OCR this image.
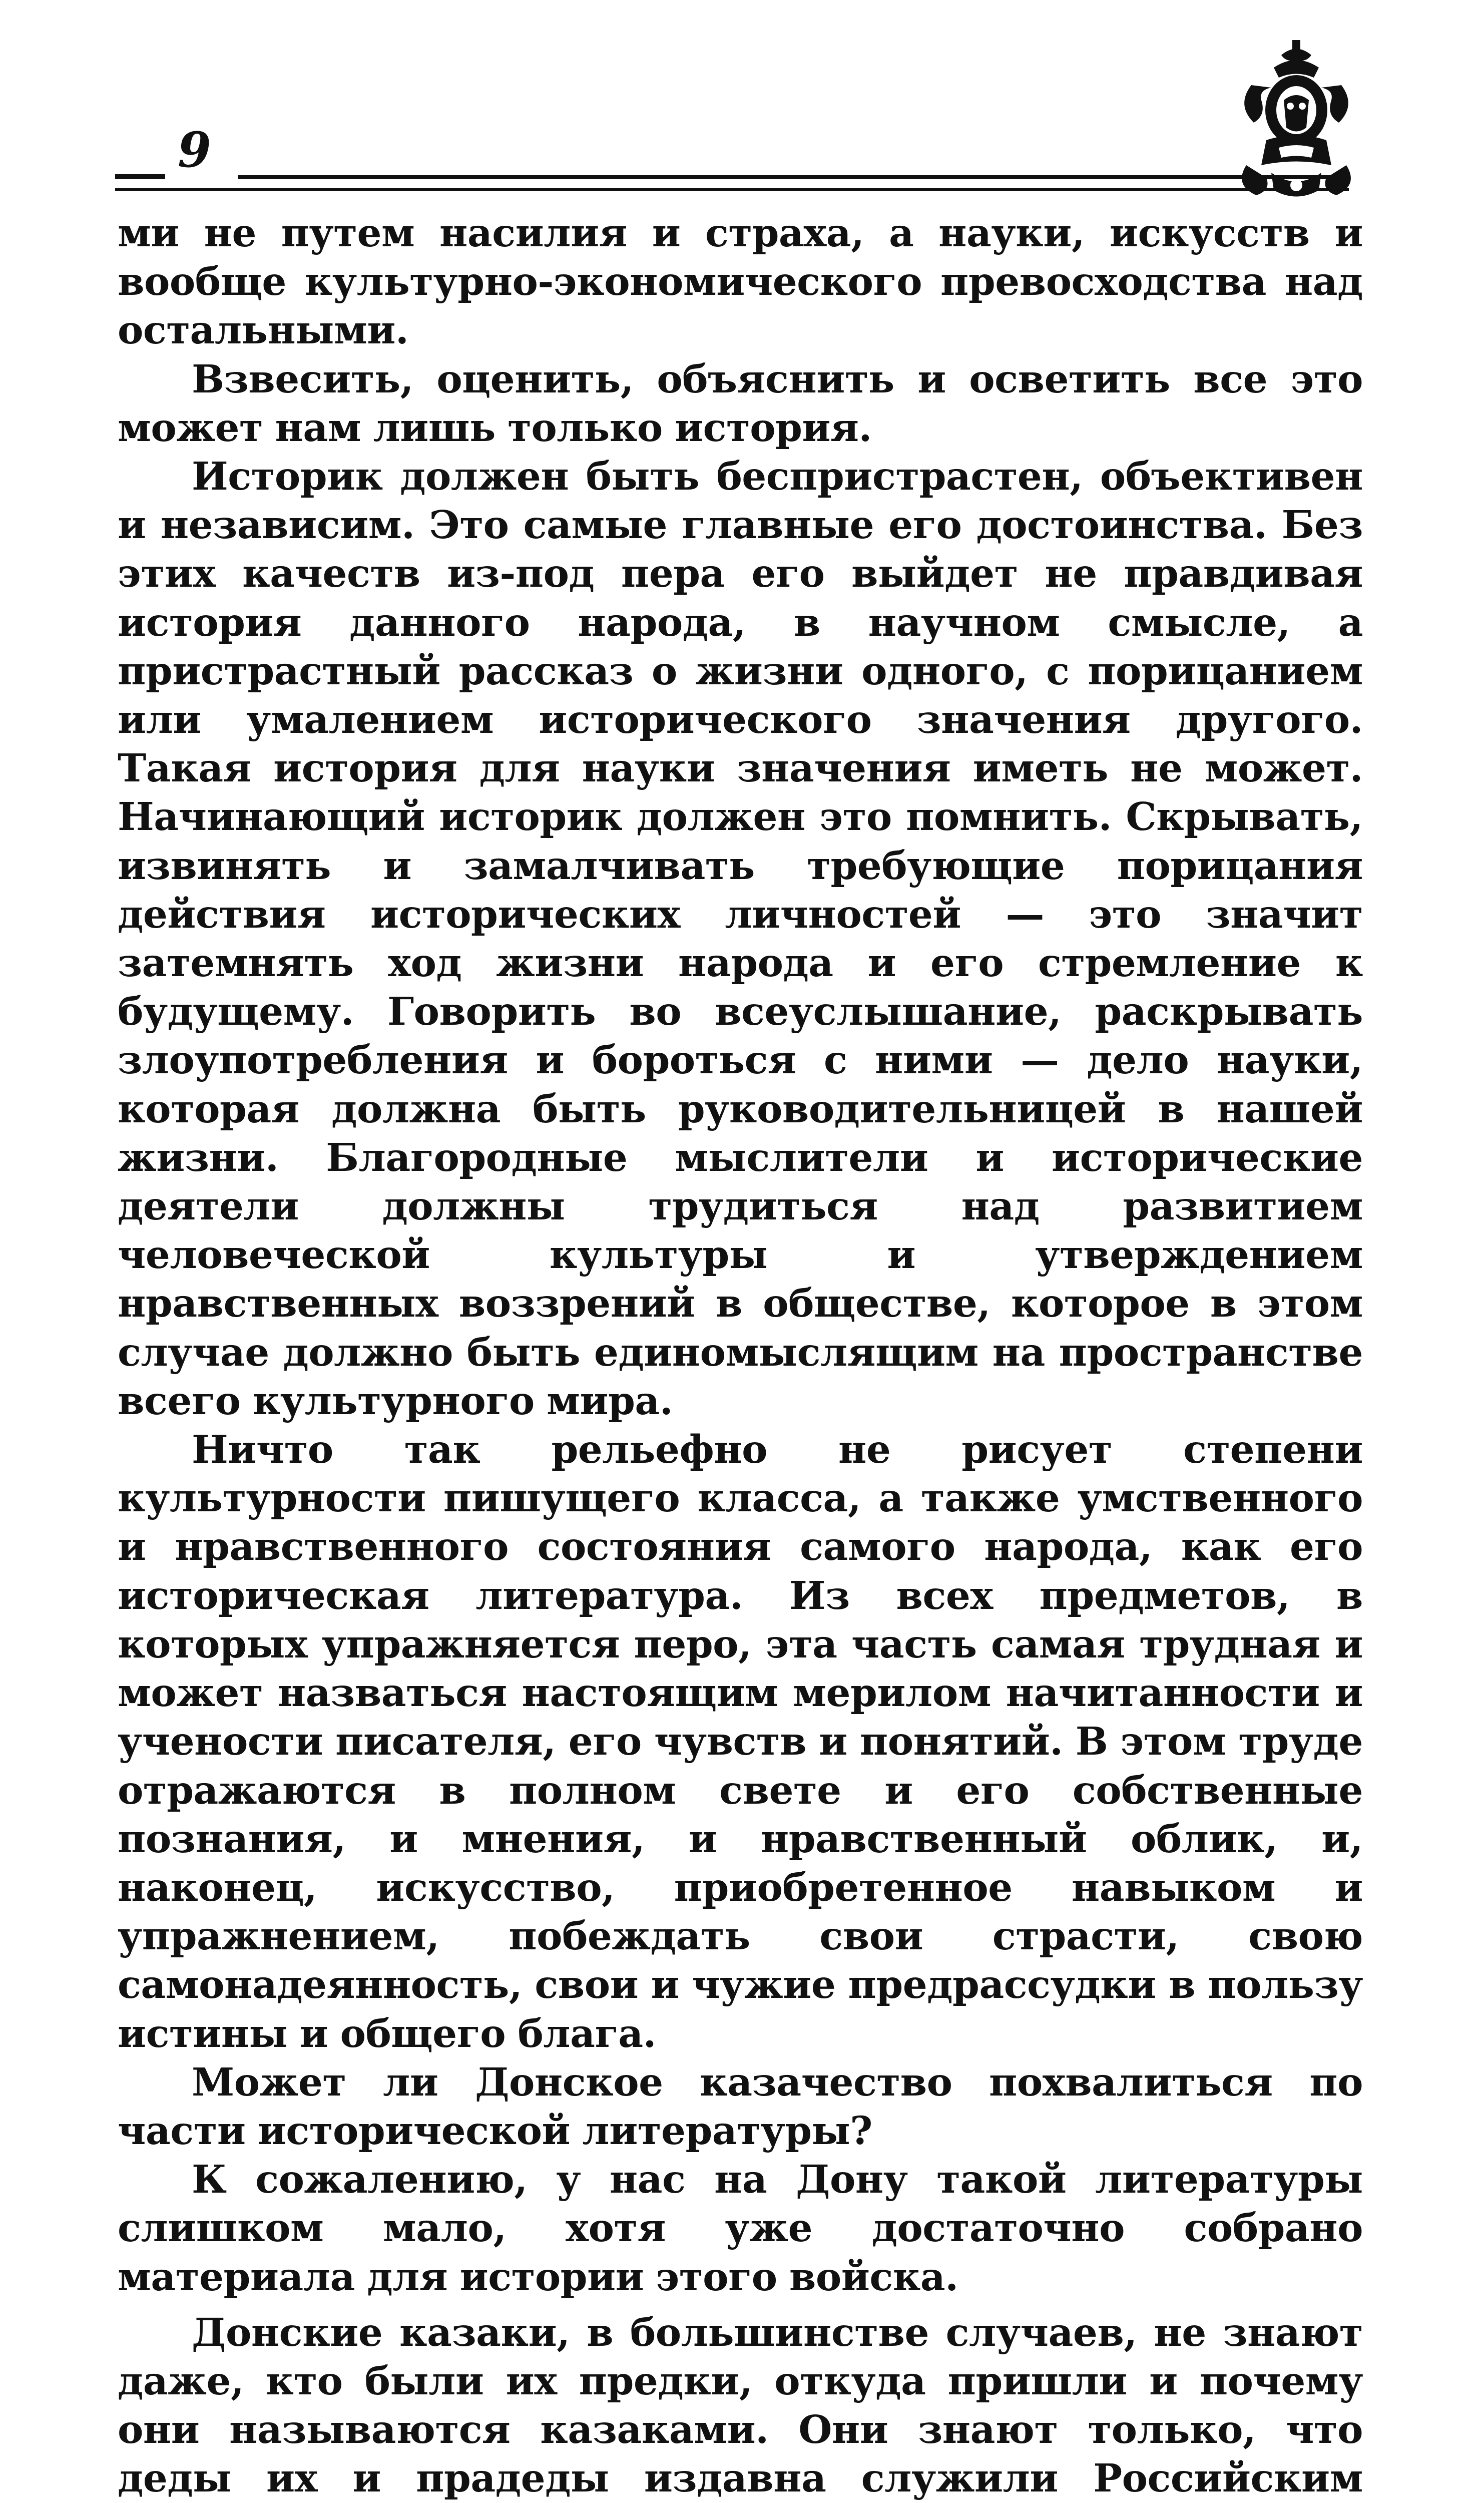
9

ми не путем насилия и страха, а науки, искусств и вообще культурно-экономического превосходства над остальными.

Взвесить, оценить, объяснить и осветить все это может нам лишь только история.

Историк должен быть беспристрастен, объективен и независим. Это самые главные его достоинства. Без этих качеств из-под пера его выйдет не правдивая история данного народа, в научном смысле, а пристрастный рассказ о жизни одного, с порицанием или умалением исторического значения другого. Такая история для науки значения иметь не может. Начинающий историк должен это помнить. Скрывать, извинять и замалчивать требующие порицания действия исторических личностей — это значит затемнять ход жизни народа и его стремление к будущему. Говорить во всеуслышание, раскрывать злоупотребления и бороться с ними — дело науки, которая должна быть руководительницей в нашей жизни. Благородные мыслители и исторические деятели должны трудиться над развитием человеческой культуры и утверждением нравственных воззрений в обществе, которое в этом случае должно быть единомыслящим на пространстве всего культурного мира.

Ничто так рельефно не рисует степени культурности пишущего класса, а также умственного и нравственного состояния самого народа, как его историческая литература. Из всех предметов, в которых упражняется перо, эта часть самая трудная и может назваться настоящим мерилом начитанности и учености писателя, его чувств и понятий. В этом труде отражаются в полном свете и его собственные познания, и мнения, и нравственный облик, и, наконец, искусство, приобретенное навыком и упражнением, побеждать свои страсти, свою самонадеянность, свои и чужие предрассудки в пользу истины и общего блага.

Может ли Донское казачество похвалиться по части исторической литературы?

К сожалению, у нас на Дону такой литературы слишком мало, хотя уже достаточно собрано материала для истории этого войска.

Донские казаки, в большинстве случаев, не знают даже, кто были их предки, откуда пришли и почему они называются казаками. Они знают только, что деды их и прадеды издавна служили Российским
